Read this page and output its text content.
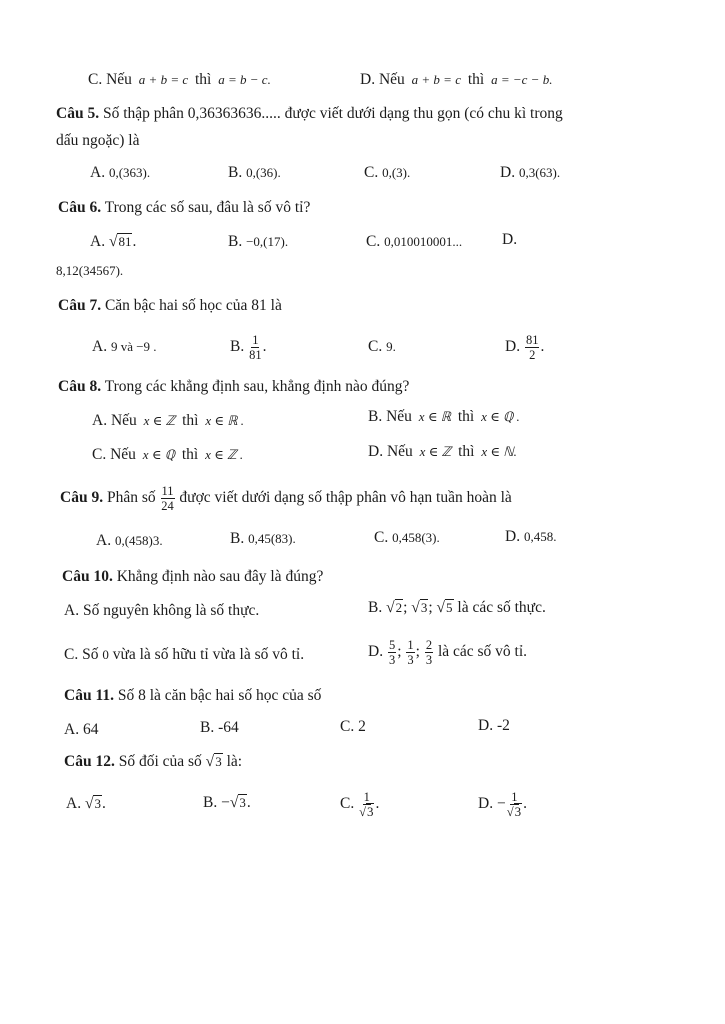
C. Nếu a + b = c thì a = b − c.	D. Nếu a + b = c thì a = −c − b.
Câu 5. Số thập phân 0,36363636..... được viết dưới dạng thu gọn (có chu kì trong
dấu ngoặc) là
A. 0,(363).	B. 0,(36).	C. 0,(3).	D. 0,3(63).
Câu 6. Trong các số sau, đâu là số vô tỉ?
A. √81.	B. −0,(17).	C. 0,010010001...	D.
8,12(34567).
Câu 7. Căn bậc hai số học của 81 là
A. 9 và −9 .	B. $\frac{1}{81}$ .	C. 9.	D. $\frac{81}{2}$ .
Câu 8. Trong các khẳng định sau, khẳng định nào đúng?
A. Nếu x ∈ ℤ thì x ∈ ℝ .	B. Nếu x ∈ ℝ thì x ∈ ℚ .
C. Nếu x ∈ ℚ thì x ∈ ℤ .	D. Nếu x ∈ ℤ thì x ∈ ℕ.
Câu 9. Phân số $\frac{11}{24}$ được viết dưới dạng số thập phân vô hạn tuần hoàn là
A. 0,(458)3.	B. 0,45(83).	C. 0,458(3).	D. 0,458.
Câu 10. Khẳng định nào sau đây là đúng?
A. Số nguyên không là số thực.	B. √2; √3; √5 là các số thực.
C. Số 0 vừa là số hữu tỉ vừa là số vô tỉ.	D. $\frac{5}{3}$ ; $\frac{1}{3}$ ; $\frac{2}{3}$ là các số vô tỉ.
Câu 11. Số 8 là căn bậc hai số học của số
A. 64	B. -64	C. 2	D. -2
Câu 12. Số đối của số √3 là:
A. √3.	B. −√3.	C. $\frac{1}{√3}$ .	D. − $\frac{1}{√3}$ .
